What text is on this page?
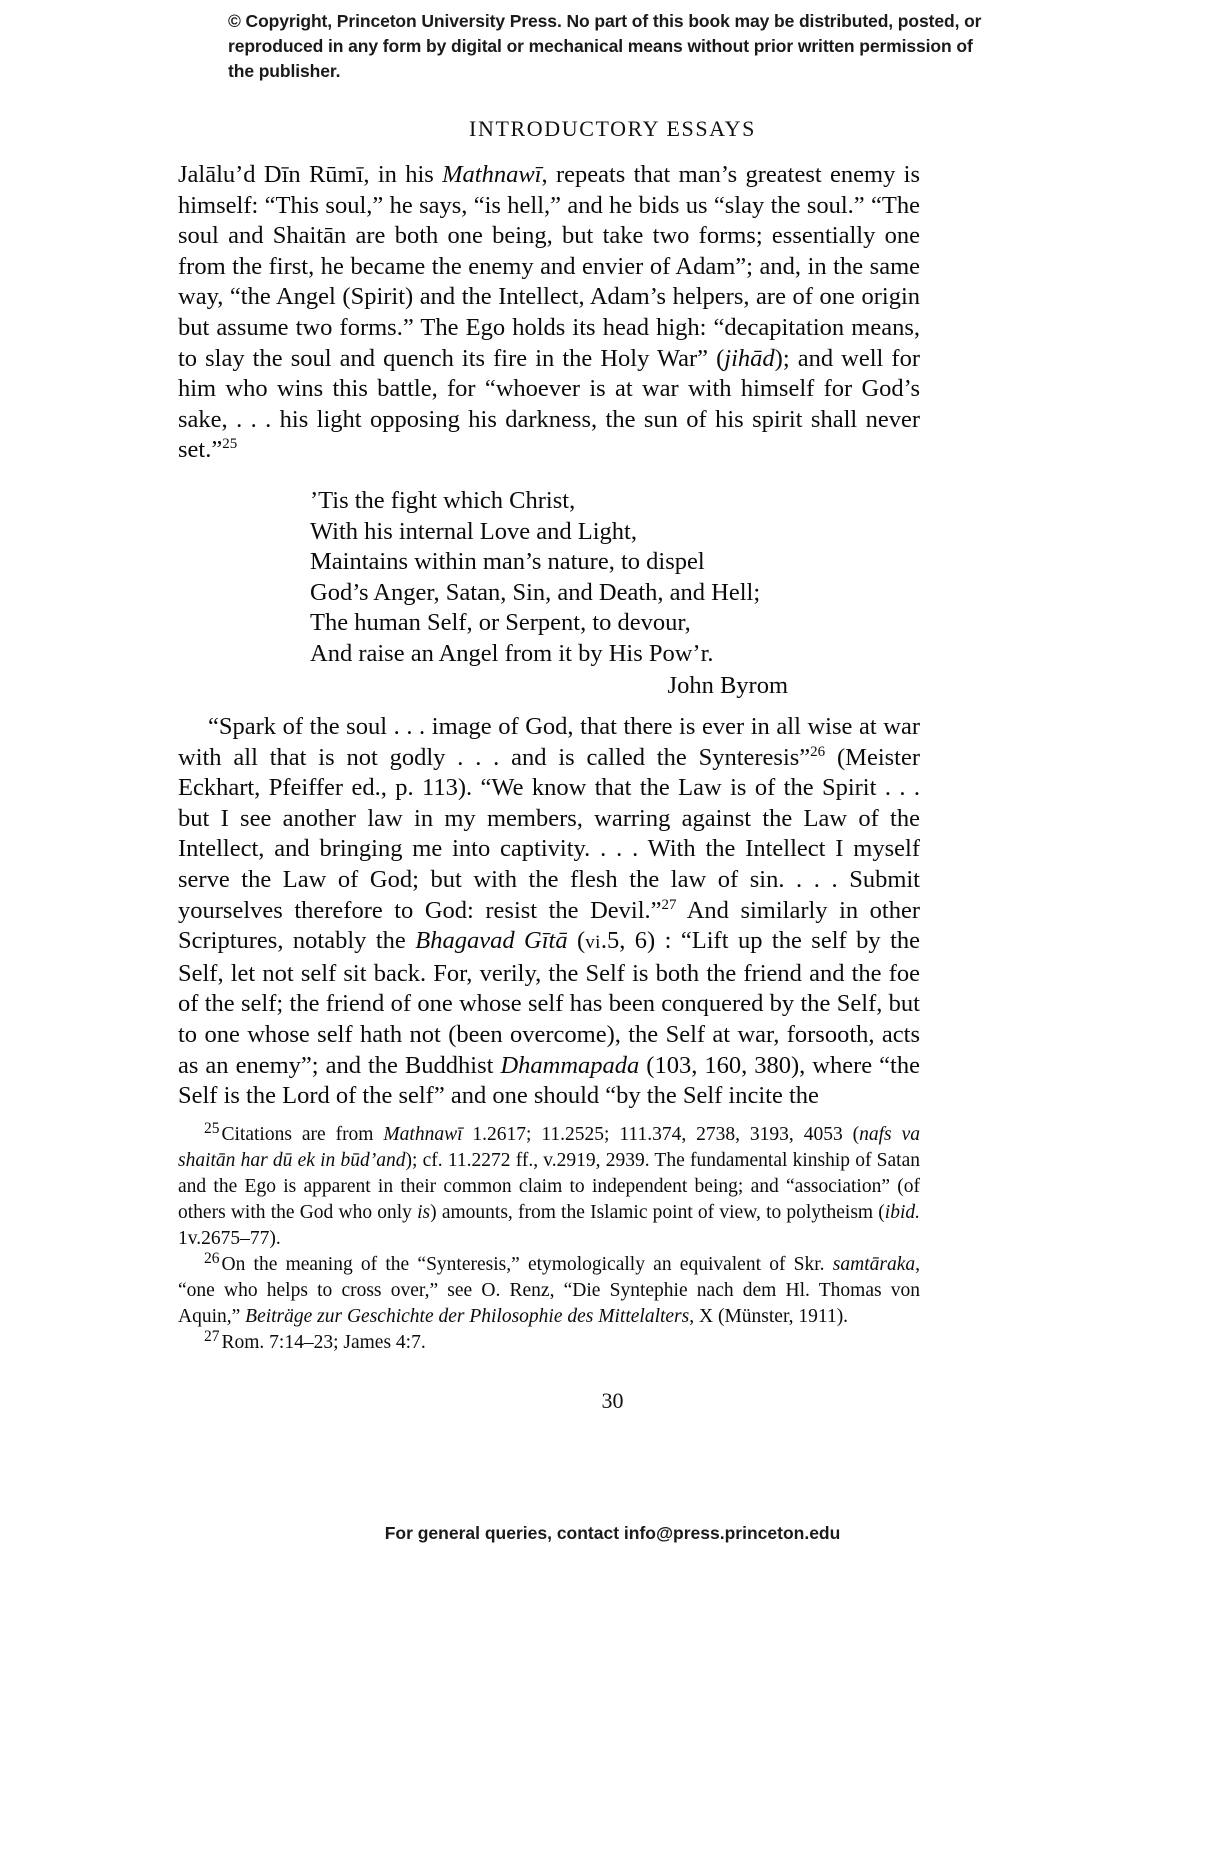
© Copyright, Princeton University Press. No part of this book may be distributed, posted, or reproduced in any form by digital or mechanical means without prior written permission of the publisher.
INTRODUCTORY ESSAYS

Jalālu’d Dīn Rūmī, in his Mathnawī, repeats that man’s greatest enemy is himself: “This soul,” he says, “is hell,” and he bids us “slay the soul.” “The soul and Shaitān are both one being, but take two forms; essentially one from the first, he became the enemy and envier of Adam”; and, in the same way, “the Angel (Spirit) and the Intellect, Adam’s helpers, are of one origin but assume two forms.” The Ego holds its head high: “decapitation means, to slay the soul and quench its fire in the Holy War” (jihād); and well for him who wins this battle, for “whoever is at war with himself for God’s sake, . . . his light opposing his darkness, the sun of his spirit shall never set.”$^{25}$

’Tis the fight which Christ,
With his internal Love and Light,
Maintains within man’s nature, to dispel
God’s Anger, Satan, Sin, and Death, and Hell;
The human Self, or Serpent, to devour,
And raise an Angel from it by His Pow’r.
John Byrom

“Spark of the soul . . . image of God, that there is ever in all wise at war with all that is not godly . . . and is called the Synteresis”$^{26}$ (Meister Eckhart, Pfeiffer ed., p. 113). “We know that the Law is of the Spirit . . . but I see another law in my members, warring against the Law of the Intellect, and bringing me into captivity. . . . With the Intellect I myself serve the Law of God; but with the flesh the law of sin. . . . Submit yourselves therefore to God: resist the Devil.”$^{27}$ And similarly in other Scriptures, notably the Bhagavad Gītā (vi.5, 6) : “Lift up the self by the Self, let not self sit back. For, verily, the Self is both the friend and the foe of the self; the friend of one whose self has been conquered by the Self, but to one whose self hath not (been overcome), the Self at war, forsooth, acts as an enemy”; and the Buddhist Dhammapada (103, 160, 380), where “the Self is the Lord of the self” and one should “by the Self incite the

$^{25}$ Citations are from Mathnawī 1.2617; 11.2525; 111.374, 2738, 3193, 4053 (nafs va shaitān har dū ek in būd’and); cf. 11.2272 ff., v.2919, 2939. The fundamental kinship of Satan and the Ego is apparent in their common claim to independent being; and “association” (of others with the God who only is) amounts, from the Islamic point of view, to polytheism (ibid. 1v.2675–77).

$^{26}$ On the meaning of the “Synteresis,” etymologically an equivalent of Skr. samtāraka, “one who helps to cross over,” see O. Renz, “Die Syntephie nach dem Hl. Thomas von Aquin,” Beiträge zur Geschichte der Philosophie des Mittelalters, X (Münster, 1911).

$^{27}$ Rom. 7:14–23; James 4:7.

30
For general queries, contact info@press.princeton.edu
